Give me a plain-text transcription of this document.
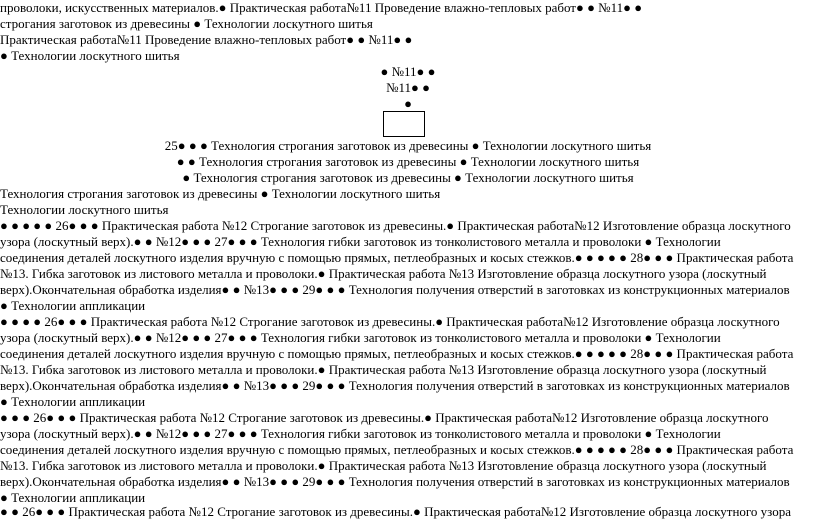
проволоки, искусственных материалов.● Практическая работа№11 Проведение влажно-тепловых работ● ● №11● ●
строгания заготовок из древесины ● Технологии лоскутного шитья
Практическая работа№11 Проведение влажно-тепловых работ● ● №11● ●
● Технологии лоскутного шитья
● №11● ●
№11● ●
●
25● ● ● Технология строгания заготовок из древесины ● Технологии лоскутного шитья
● ● Технология строгания заготовок из древесины ● Технологии лоскутного шитья
● Технология строгания заготовок из древесины ● Технологии лоскутного шитья
Технология строгания заготовок из древесины ● Технологии лоскутного шитья
Технологии лоскутного шитья
● ● ● ● ● 26● ● ● Практическая работа №12 Строгание заготовок из древесины.● Практическая работа№12 Изготовление образца лоскутного
узора (лоскутный верх).● ● №12● ● ● 27● ● ● Технология гибки заготовок из тонколистового металла и проволоки ● Технологии
соединения деталей лоскутного изделия вручную с помощью прямых, петлеобразных и косых стежков.● ● ● ● ● 28● ● ● Практическая работа
№13. Гибка заготовок из листового металла и проволоки.● Практическая работа №13 Изготовление образца лоскутного узора (лоскутный
верх).Окончательная обработка изделия● ● №13● ● ● 29● ● ● Технология получения отверстий в заготовках из конструкционных материалов
● Технологии аппликации
● ● ● ● 26● ● ● Практическая работа №12 Строгание заготовок из древесины.● Практическая работа№12 Изготовление образца лоскутного
узора (лоскутный верх).● ● №12● ● ● 27● ● ● Технология гибки заготовок из тонколистового металла и проволоки ● Технологии
соединения деталей лоскутного изделия вручную с помощью прямых, петлеобразных и косых стежков.● ● ● ● ● 28● ● ● Практическая работа
№13. Гибка заготовок из листового металла и проволоки.● Практическая работа №13 Изготовление образца лоскутного узора (лоскутный
верх).Окончательная обработка изделия● ● №13● ● ● 29● ● ● Технология получения отверстий в заготовках из конструкционных материалов
● Технологии аппликации
● ● ● 26● ● ● Практическая работа №12 Строгание заготовок из древесины.● Практическая работа№12 Изготовление образца лоскутного
узора (лоскутный верх).● ● №12● ● ● 27● ● ● Технология гибки заготовок из тонколистового металла и проволоки ● Технологии
соединения деталей лоскутного изделия вручную с помощью прямых, петлеобразных и косых стежков.● ● ● ● ● 28● ● ● Практическая работа
№13. Гибка заготовок из листового металла и проволоки.● Практическая работа №13 Изготовление образца лоскутного узора (лоскутный
верх).Окончательная обработка изделия● ● №13● ● ● 29● ● ● Технология получения отверстий в заготовках из конструкционных материалов
● Технологии аппликации
● ● 26● ● ● Практическая работа №12 Строгание заготовок из древесины.● Практическая работа№12 Изготовление образца лоскутного узора
